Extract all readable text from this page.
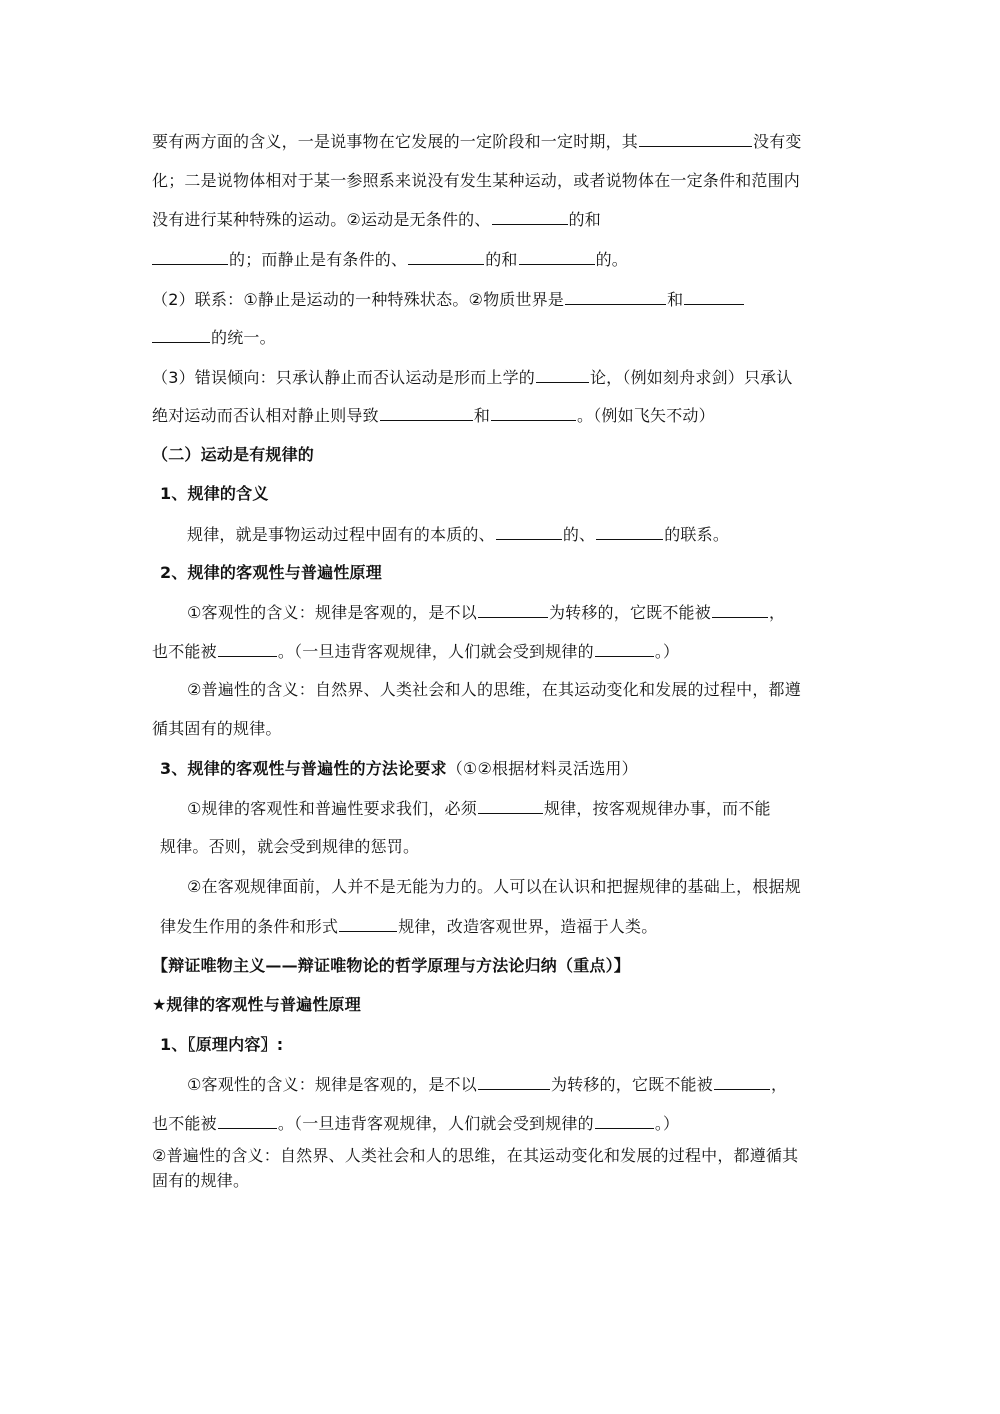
要有两方面的含义，一是说事物在它发展的一定阶段和一定时期，其	没有变
化；二是说物体相对于某一参照系来说没有发生某种运动，或者说物体在一定条件和范围内
没有进行某种特殊的运动。②运动是无条件的、	的和
的；而静止是有条件的、	的和	的。
（2）联系：①静止是运动的一种特殊状态。②物质世界是	和
的统一。
（3）错误倾向：只承认静止而否认运动是形而上学的	论，（例如刻舟求剑）只承认
绝对运动而否认相对静止则导致	和	。（例如飞矢不动）
（二）运动是有规律的
1、规律的含义
规律，就是事物运动过程中固有的本质的、	的、	的联系。
2、规律的客观性与普遍性原理
①客观性的含义：规律是客观的，是不以	为转移的，它既不能被	，
也不能被	。（一旦违背客观规律，人们就会受到规律的	。）
②普遍性的含义：自然界、人类社会和人的思维，在其运动变化和发展的过程中，都遵
循其固有的规律。
3、规律的客观性与普遍性的方法论要求（①②根据材料灵活选用）
①规律的客观性和普遍性要求我们，必须	规律，按客观规律办事，而不能
规律。否则，就会受到规律的惩罚。
②在客观规律面前，人并不是无能为力的。人可以在认识和把握规律的基础上，根据规
律发生作用的条件和形式	规律，改造客观世界，造福于人类。
【辩证唯物主义——辩证唯物论的哲学原理与方法论归纳（重点）】
★规律的客观性与普遍性原理
1、〖原理内容〗:
①客观性的含义：规律是客观的，是不以	为转移的，它既不能被	，
也不能被	。（一旦违背客观规律，人们就会受到规律的	。）
②普遍性的含义：自然界、人类社会和人的思维，在其运动变化和发展的过程中，都遵循其
固有的规律。
